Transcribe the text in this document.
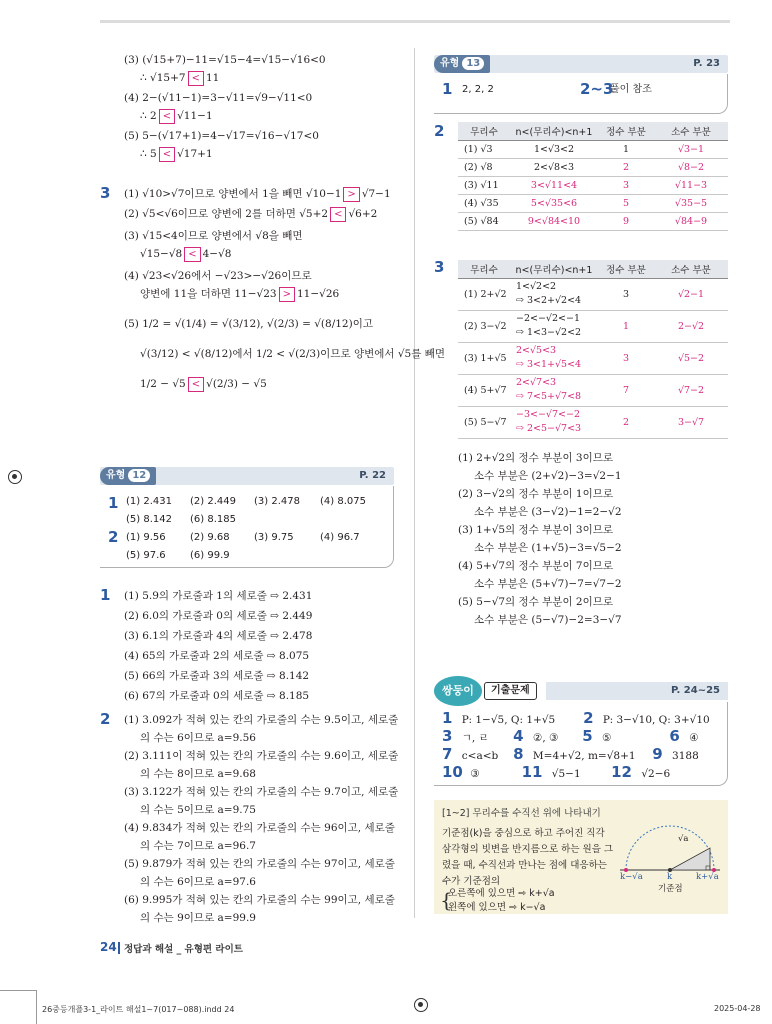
(3) (√15+7)−11=√15−4=√15−√16<0
∴ √15+7 < 11
(4) 2−(√11−1)=3−√11=√9−√11<0
∴ 2 < √11−1
(5) 5−(√17+1)=4−√17=√16−√17<0
∴ 5 < √17+1
3 (1) √10>√7이므로 양변에서 1을 빼면 √10−1 > √7−1
(2) √5<√6이므로 양변에 2를 더하면 √5+2 < √6+2
(3) √15<4이므로 양변에서 √8을 빼면
√15−√8 < 4−√8
(4) √23<√26에서 −√23>−√26이므로
양변에 11을 더하면 11−√23 > 11−√26
(5) 1/2 = √(1/4) = √(3/12), √(2/3) = √(8/12)이고
√(3/12) < √(8/12)에서 1/2 < √(2/3)이므로 양변에서 √5를 빼면
1/2 − √5 < √(2/3) − √5
유형 12	P. 22
1 (1) 2.431 (2) 2.449 (3) 2.478 (4) 8.075
(5) 8.142 (6) 8.185
2 (1) 9.56 (2) 9.68 (3) 9.75	(4) 96.7
(5) 97.6 (6) 99.9
1 (1) 5.9의 가로줄과 1의 세로줄 ⇨ 2.431
(2) 6.0의 가로줄과 0의 세로줄 ⇨ 2.449
(3) 6.1의 가로줄과 4의 세로줄 ⇨ 2.478
(4) 65의 가로줄과 2의 세로줄 ⇨ 8.075
(5) 66의 가로줄과 3의 세로줄 ⇨ 8.142
(6) 67의 가로줄과 0의 세로줄 ⇨ 8.185
2 (1) 3.092가 적혀 있는 칸의 가로줄의 수는 9.5이고, 세로줄
의 수는 6이므로 a=9.56
(2) 3.111이 적혀 있는 칸의 가로줄의 수는 9.6이고, 세로줄
의 수는 8이므로 a=9.68
(3) 3.122가 적혀 있는 칸의 가로줄의 수는 9.7이고, 세로줄
의 수는 5이므로 a=9.75
(4) 9.834가 적혀 있는 칸의 가로줄의 수는 96이고, 세로줄
의 수는 7이므로 a=96.7
(5) 9.879가 적혀 있는 칸의 가로줄의 수는 97이고, 세로줄
의 수는 6이므로 a=97.6
(6) 9.995가 적혀 있는 칸의 가로줄의 수는 99이고, 세로줄
의 수는 9이므로 a=99.9
유형 13	P. 23
1 2, 2, 2	2~3
풀이 참조
2	무리수	n<(무리수)<n+1	정수 부분	소수 부분
(1) √3	1<√3<2	1	√3−1
(2) √8	2<√8<3	2	√8−2
(3) √11	3<√11<4	3	√11−3
(4) √35	5<√35<6	5	√35−5
(5) √84	9<√84<10	9	√84−9
3	무리수	n<(무리수)<n+1	정수 부분	소수 부분
(1) 2+√2	1<√2<2
⇨ 3<2+√2<4	3	√2−1
(2) 3−√2	−2<−√2<−1
⇨ 1<3−√2<2	1	2−√2
(3) 1+√5	2<√5<3
⇨ 3<1+√5<4	3	√5−2
(4) 5+√7	2<√7<3
⇨ 7<5+√7<8	7	√7−2
(5) 5−√7	−3<−√7<−2
⇨ 2<5−√7<3	2	3−√7
(1) 2+√2의 정수 부분이 3이므로
소수 부분은 (2+√2)−3=√2−1
(2) 3−√2의 정수 부분이 1이므로
소수 부분은 (3−√2)−1=2−√2
(3) 1+√5의 정수 부분이 3이므로
소수 부분은 (1+√5)−3=√5−2
(4) 5+√7의 정수 부분이 7이므로
소수 부분은 (5+√7)−7=√7−2
(5) 5−√7의 정수 부분이 2이므로
소수 부분은 (5−√7)−2=3−√7
쌍둥이	기출문제	P. 24~25
1 P: 1−√5, Q: 1+√5 2 P: 3−√10, Q: 3+√10
3 ㄱ, ㄹ 4 ②, ③ 5 ⑤	6 ④
7 c<a<b 8 M=4+√2, m=√8+1 9 3188
10 ③	11 √5−1 12 √2−6
[1~2] 무리수를 수직선 위에 나타내기
기준점(k)을 중심으로 하고 주어진 직각
삼각형의 빗변을 반지름으로 하는 원을 그
렸을 때, 수직선과 만나는 점에 대응하는
수가 기준점의
{
오른쪽에 있으면 ⇨ k+√a
왼쪽에 있으면 ⇨ k−√a
√a
k−√a	k	k+√a
기준점
24 정답과 해설 _ 유형편 라이트
26중등개플3-1_라이트 해설1~7(017~088).indd 24	2025-04-28
